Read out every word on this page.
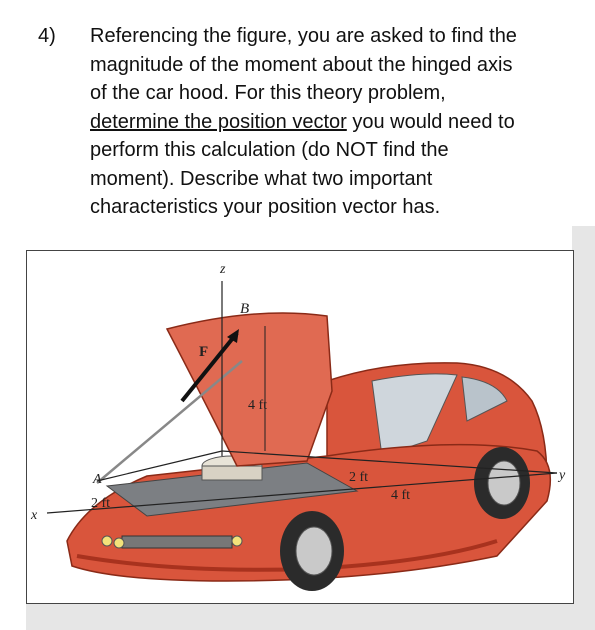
4) Referencing the figure, you are asked to find the
magnitude of the moment about the hinged axis
of the car hood. For this theory problem,
determine the position vector you would need to
perform this calculation (do NOT find the
moment). Describe what two important
characteristics your position vector has.
z
B
F
4 ft
A
2 ft
2 ft
4 ft
x
y
